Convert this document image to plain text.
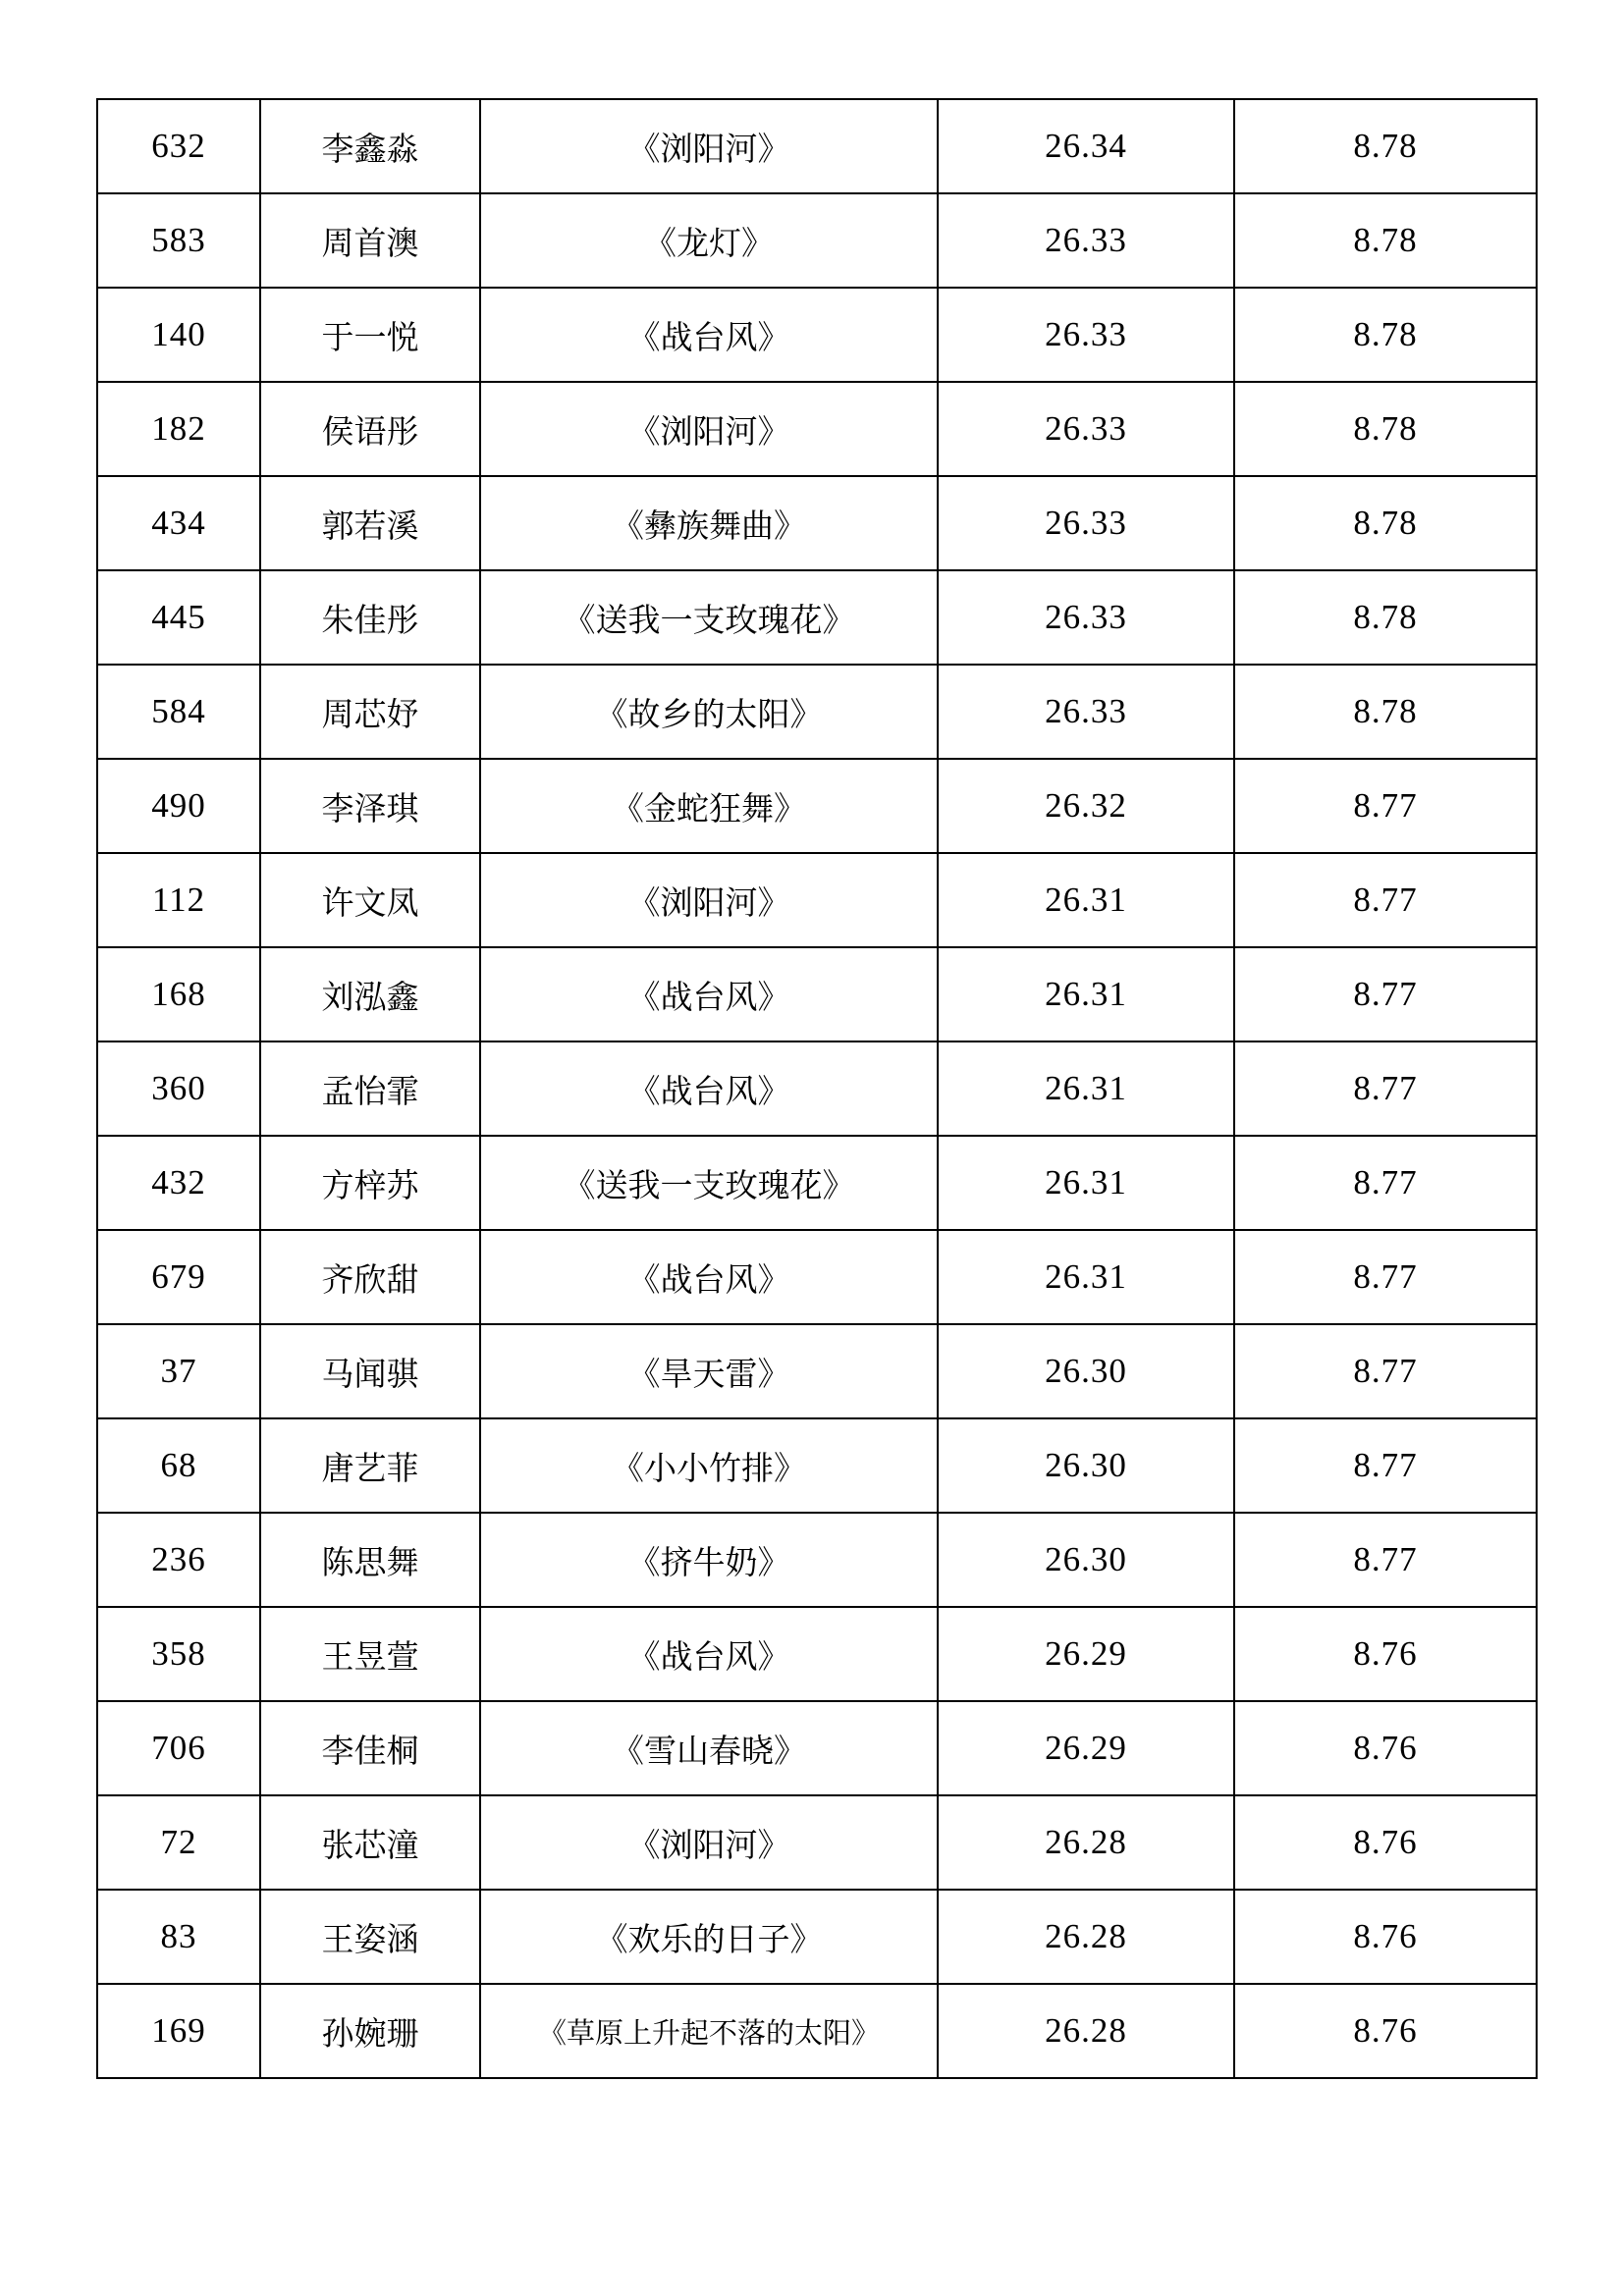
632	李鑫淼	《浏阳河》	26.34	8.78
583	周首澳	《龙灯》	26.33	8.78
140	于一悦	《战台风》	26.33	8.78
182	侯语彤	《浏阳河》	26.33	8.78
434	郭若溪	《彝族舞曲》	26.33	8.78
445	朱佳彤	《送我一支玫瑰花》	26.33	8.78
584	周芯妤	《故乡的太阳》	26.33	8.78
490	李泽琪	《金蛇狂舞》	26.32	8.77
112	许文凤	《浏阳河》	26.31	8.77
168	刘泓鑫	《战台风》	26.31	8.77
360	孟怡霏	《战台风》	26.31	8.77
432	方梓苏	《送我一支玫瑰花》	26.31	8.77
679	齐欣甜	《战台风》	26.31	8.77
37	马闻骐	《旱天雷》	26.30	8.77
68	唐艺菲	《小小竹排》	26.30	8.77
236	陈思舞	《挤牛奶》	26.30	8.77
358	王昱萱	《战台风》	26.29	8.76
706	李佳桐	《雪山春晓》	26.29	8.76
72	张芯潼	《浏阳河》	26.28	8.76
83	王姿涵	《欢乐的日子》	26.28	8.76
169	孙婉珊	《草原上升起不落的太阳》	26.28	8.76
